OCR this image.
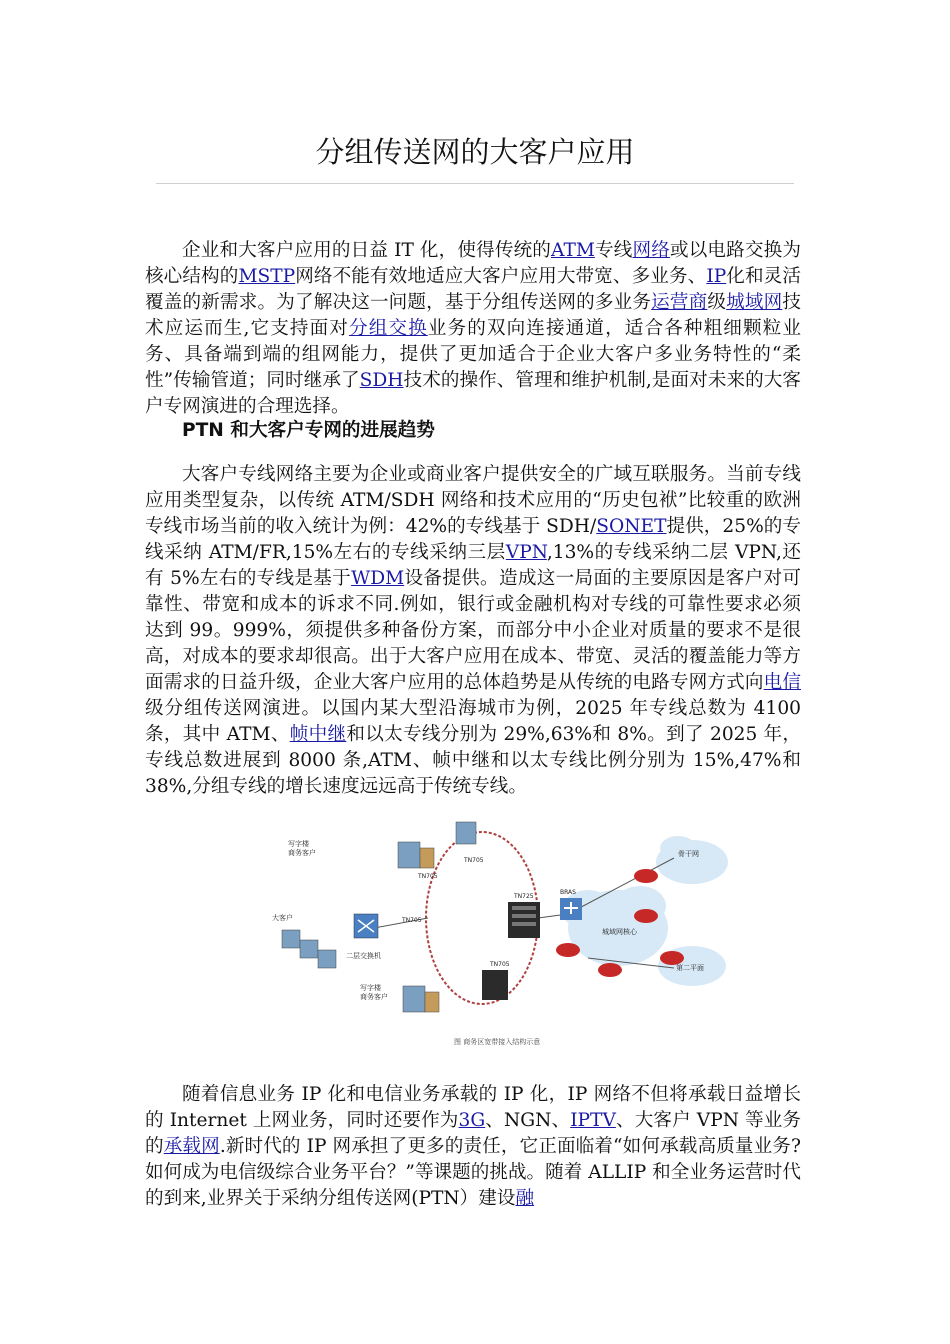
分组传送网的大客户应用

企业和大客户应用的日益 IT 化，使得传统的ATM专线网络或以电路交换为核心结构的MSTP网络不能有效地适应大客户应用大带宽、多业务、IP化和灵活覆盖的新需求。为了解决这一问题，基于分组传送网的多业务运营商级城域网技术应运而生,它支持面对分组交换业务的双向连接通道，适合各种粗细颗粒业务、具备端到端的组网能力，提供了更加适合于企业大客户多业务特性的“柔性”传输管道；同时继承了SDH技术的操作、管理和维护机制,是面对未来的大客户专网演进的合理选择。

PTN 和大客户专网的进展趋势

大客户专线网络主要为企业或商业客户提供安全的广域互联服务。当前专线应用类型复杂，以传统 ATM/SDH 网络和技术应用的“历史包袱”比较重的欧洲专线市场当前的收入统计为例：42%的专线基于 SDH/SONET提供，25%的专线采纳 ATM/FR,15%左右的专线采纳三层VPN,13%的专线采纳二层 VPN,还有 5%左右的专线是基于WDM设备提供。造成这一局面的主要原因是客户对可靠性、带宽和成本的诉求不同.例如，银行或金融机构对专线的可靠性要求必须达到 99。999%，须提供多种备份方案，而部分中小企业对质量的要求不是很高，对成本的要求却很高。出于大客户应用在成本、带宽、灵活的覆盖能力等方面需求的日益升级，企业大客户应用的总体趋势是从传统的电路专网方式向电信级分组传送网演进。以国内某大型沿海城市为例，2025 年专线总数为 4100 条，其中 ATM、帧中继和以太专线分别为 29%,63%和 8%。到了 2025 年，专线总数进展到 8000 条,ATM、帧中继和以太专线比例分别为 15%,47%和 38%,分组专线的增长速度远远高于传统专线。

写字楼商务客户
大客户
二层交换机
写字楼商务客户
TN705
TN705
TN705
TN725
TN705
BRAS
城域网核心
骨干网
第二平面
图 商务区宽带接入结构示意

随着信息业务 IP 化和电信业务承载的 IP 化，IP 网络不但将承载日益增长的 Internet 上网业务，同时还要作为3G、NGN、IPTV、大客户 VPN 等业务的承载网.新时代的 IP 网承担了更多的责任，它正面临着“如何承载高质量业务?如何成为电信级综合业务平台？”等课题的挑战。随着 ALLIP 和全业务运营时代的到来,业界关于采纳分组传送网(PTN）建设融
